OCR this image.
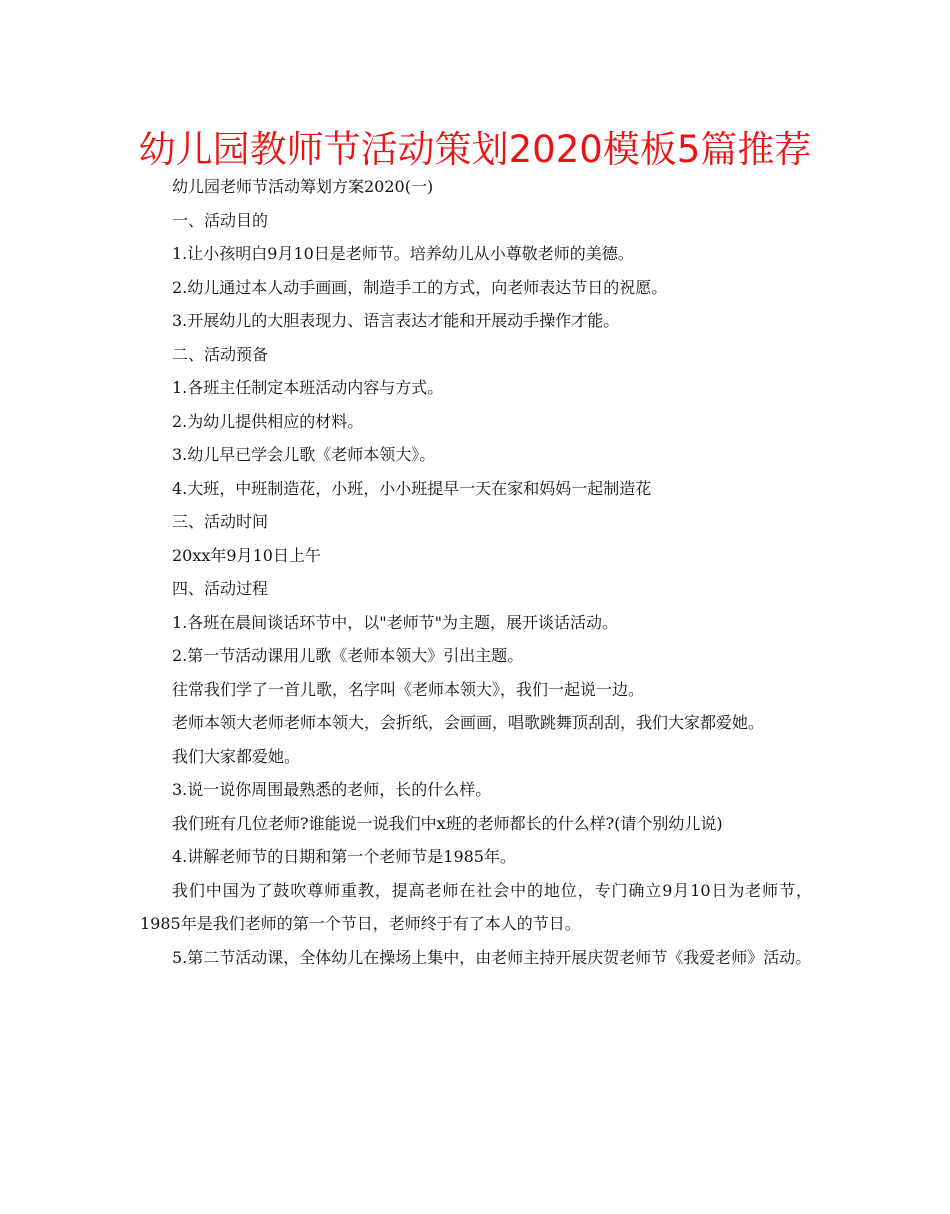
幼儿园教师节活动策划2020模板5篇推荐

幼儿园老师节活动筹划方案2020(一)

一、活动目的

1.让小孩明白9月10日是老师节。培养幼儿从小尊敬老师的美德。

2.幼儿通过本人动手画画，制造手工的方式，向老师表达节日的祝愿。

3.开展幼儿的大胆表现力、语言表达才能和开展动手操作才能。

二、活动预备

1.各班主任制定本班活动内容与方式。

2.为幼儿提供相应的材料。

3.幼儿早已学会儿歌《老师本领大》。

4.大班，中班制造花，小班，小小班提早一天在家和妈妈一起制造花

三、活动时间

20xx年9月10日上午

四、活动过程

1.各班在晨间谈话环节中，以"老师节"为主题，展开谈话活动。

2.第一节活动课用儿歌《老师本领大》引出主题。

往常我们学了一首儿歌，名字叫《老师本领大》，我们一起说一边。

老师本领大老师老师本领大，会折纸，会画画，唱歌跳舞顶刮刮，我们大家都爱她。

我们大家都爱她。

3.说一说你周围最熟悉的老师，长的什么样。

我们班有几位老师?谁能说一说我们中x班的老师都长的什么样?(请个别幼儿说)

4.讲解老师节的日期和第一个老师节是1985年。

我们中国为了鼓吹尊师重教，提高老师在社会中的地位，专门确立9月10日为老师节，1985年是我们老师的第一个节日，老师终于有了本人的节日。

5.第二节活动课，全体幼儿在操场上集中，由老师主持开展庆贺老师节《我爱老师》活动。
